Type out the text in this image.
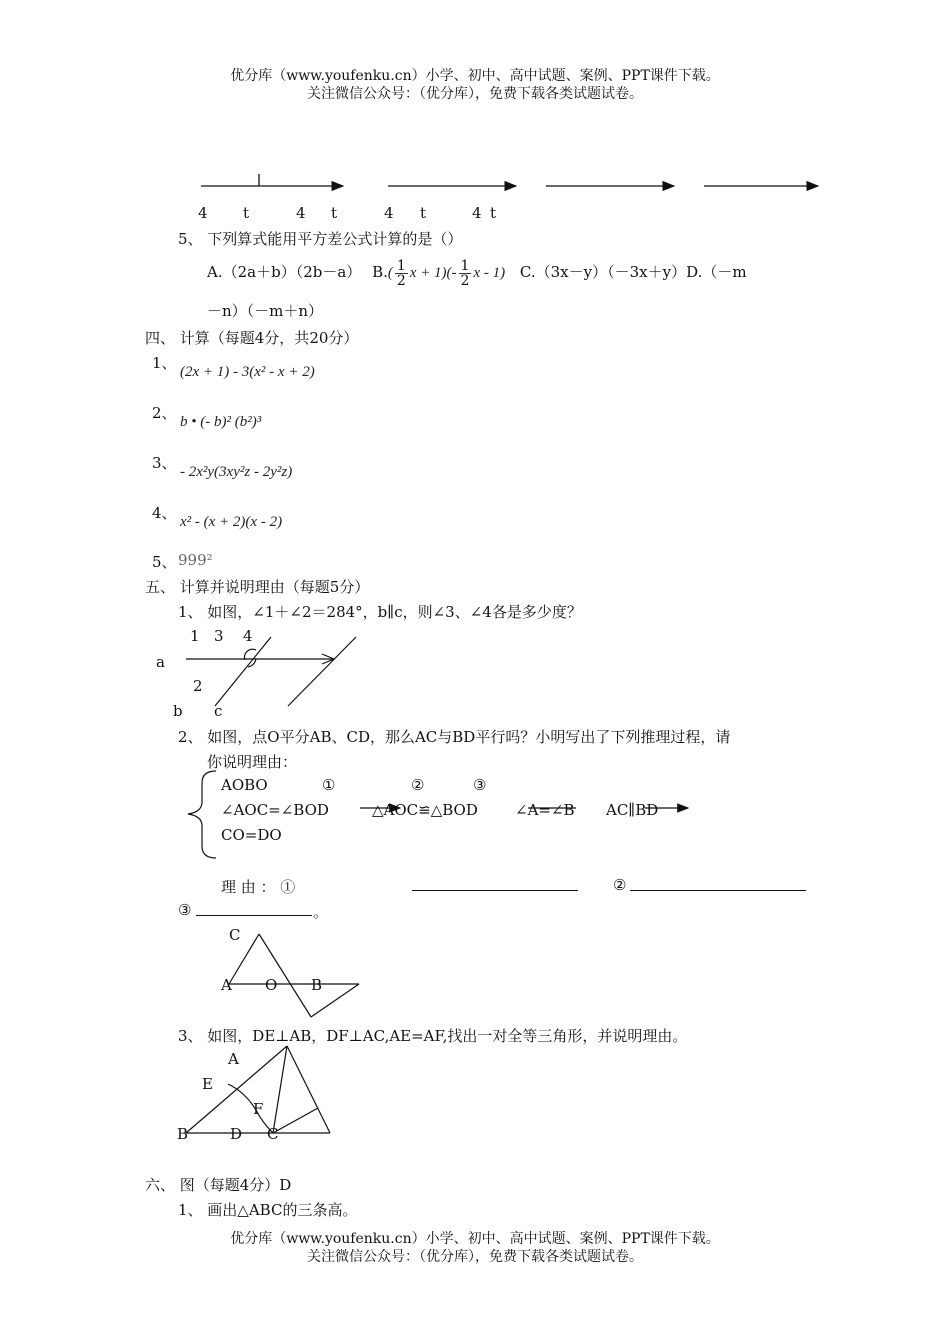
优分库（www.youfenku.cn）小学、初中、高中试题、案例、PPT课件下载。
关注微信公众号：（优分库），免费下载各类试题试卷。
4 t	4 t	4 t	4 t
5、 下列算式能用平方差公式计算的是（）
A.（2a＋b）（2b－a） $B.( \frac{1}{2}$ $x + 1)(- \frac{1}{2}$ x - 1) C.（3x－y）（－3x＋y）D.（－m
－n）（－m＋n）
四、 计算（每题4分，共20分）
1、 (2x + 1) - 3(x² - x + 2)
2、 b • (- b)² (b²)³
3、 - 2x²y(3xy²z - 2y²z)
4、 x² - (x + 2)(x - 2)
5、 999²
五、 计算并说明理由（每题5分）
1、 如图，∠1＋∠2＝284°，b∥c，则∠3、∠4各是多少度？
1 3 4
a
2
b c
2、 如图，点O平分AB、CD，那么AC与BD平行吗？小明写出了下列推理过程，请
你说明理由：
AOBO	①	②	③
∠AOC=∠BOD	△AOC≌△BOD ∠A=∠B AC∥BD
CO=DO
理 由 ： ①	②
③	。
C
A O B
3、 如图，DE⊥AB，DF⊥AC,AE=AF,找出一对全等三角形，并说明理由。
A
E
F
B	D C
六、 图（每题4分）D
1、 画出△ABC的三条高。
优分库（www.youfenku.cn）小学、初中、高中试题、案例、PPT课件下载。
关注微信公众号：（优分库），免费下载各类试题试卷。
